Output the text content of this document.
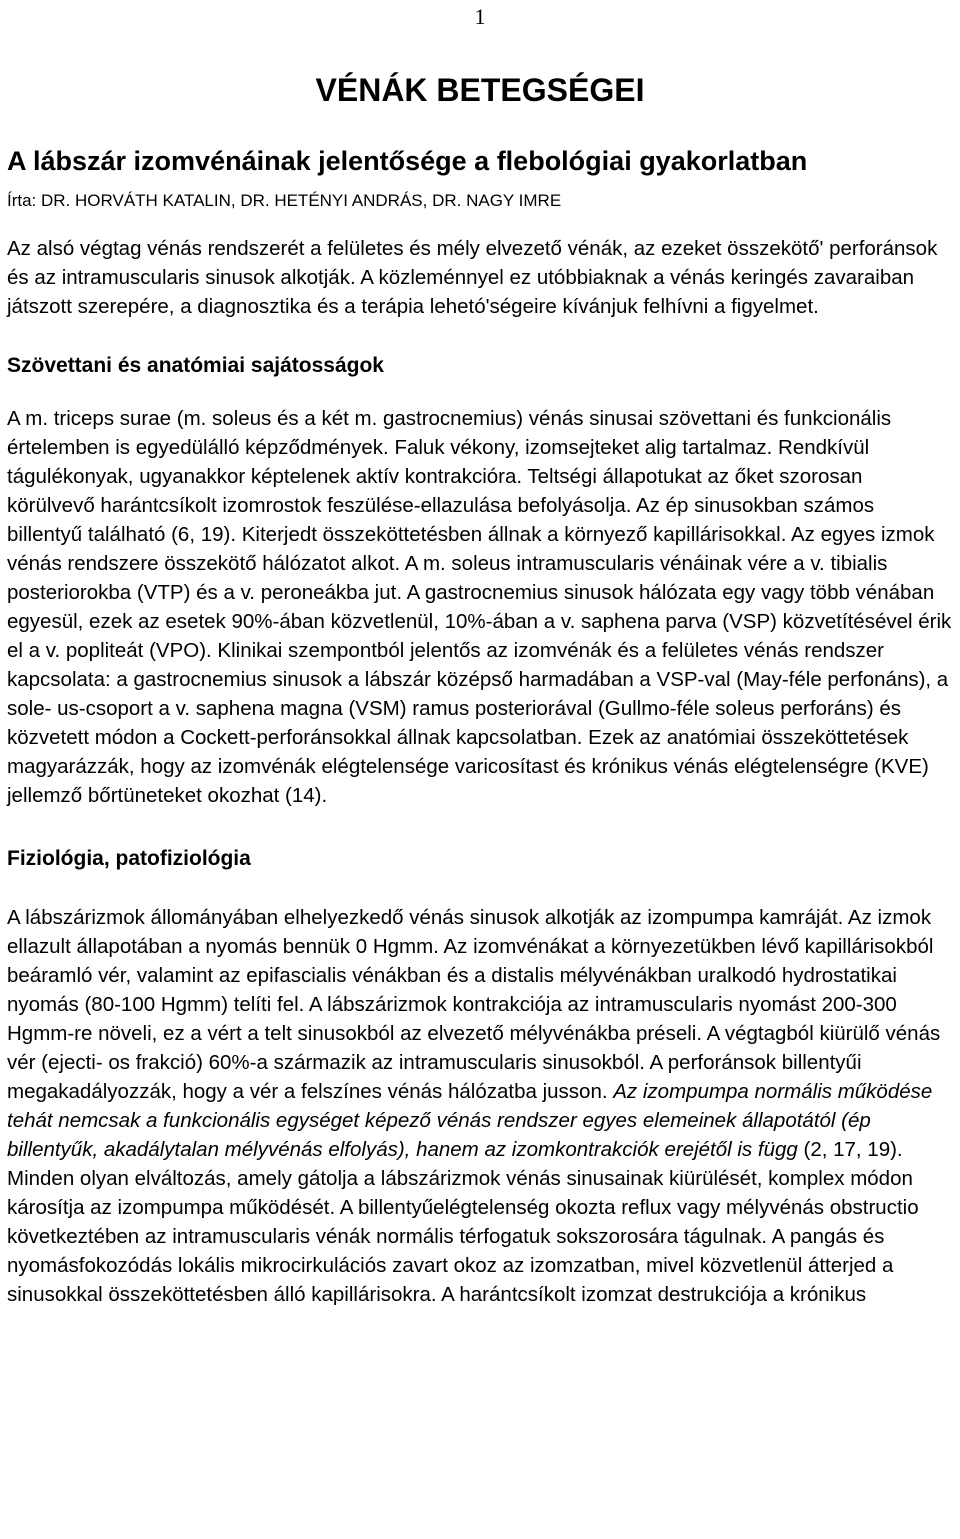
1
VÉNÁK BETEGSÉGEI
A lábszár izomvénáinak jelentősége a flebológiai gyakorlatban
Írta: DR. HORVÁTH KATALIN, DR. HETÉNYI ANDRÁS, DR. NAGY IMRE

Az alsó végtag vénás rendszerét a felületes és mély elvezető vénák, az ezeket összekötő' perforánsok és az intramuscularis sinusok alkotják. A közleménnyel ez utóbbiaknak a vénás keringés zavaraiban játszott szerepére, a diagnosztika és a terápia lehetó'ségeire kívánjuk felhívni a figyelmet.

Szövettani és anatómiai sajátosságok

A m. triceps surae (m. soleus és a két m. gastrocnemius) vénás sinusai szövettani és funkcionális értelemben is egyedülálló képződmények. Faluk vékony, izomsejteket alig tartalmaz. Rendkívül tágulékonyak, ugyanakkor képtelenek aktív kontrakcióra. Teltségi állapotukat az őket szorosan körülvevő harántcsíkolt izomrostok feszülése-ellazulása befolyásolja. Az ép sinusokban számos billentyű található (6, 19). Kiterjedt összeköttetésben állnak a környező kapillárisokkal. Az egyes izmok vénás rendszere összekötő hálózatot alkot. A m. soleus intramuscularis vénáinak vére a v. tibialis posteriorokba (VTP) és a v. peroneákba jut. A gastrocnemius sinusok hálózata egy vagy több vénában egyesül, ezek az esetek 90%-ában közvetlenül, 10%-ában a v. saphena parva (VSP) közvetítésével érik el a v. popliteát (VPO). Klinikai szempontból jelentős az izomvénák és a felületes vénás rendszer kapcsolata: a gastrocnemius sinusok a lábszár középső harmadában a VSP-val (May-féle perfonáns), a sole- us-csoport a v. saphena magna (VSM) ramus posteriorával (Gullmo-féle soleus perforáns) és közvetett módon a Cockett-perforánsokkal állnak kapcsolatban. Ezek az anatómiai összeköttetések magyarázzák, hogy az izomvénák elégtelensége varicosítast és krónikus vénás elégtelenségre (KVE) jellemző bőrtüneteket okozhat (14).

Fiziológia, patofiziológia

A lábszárizmok állományában elhelyezkedő vénás sinusok alkotják az izompumpa kamráját. Az izmok ellazult állapotában a nyomás bennük 0 Hgmm. Az izomvénákat a környezetükben lévő kapillárisokból beáramló vér, valamint az epifascialis vénákban és a distalis mélyvénákban uralkodó hydrostatikai nyomás (80-100 Hgmm) telíti fel. A lábszárizmok kontrakciója az intramuscularis nyomást 200-300 Hgmm-re növeli, ez a vért a telt sinusokból az elvezető mélyvénákba préseli. A végtagból kiürülő vénás vér (ejecti- os frakció) 60%-a származik az intramuscularis sinusokból. A perforánsok billentyűi megakadályozzák, hogy a vér a felszínes vénás hálózatba jusson. Az izompumpa normális működése tehát nemcsak a funkcionális egységet képező vénás rendszer egyes elemeinek állapotától (ép billentyűk, akadálytalan mélyvénás elfolyás), hanem az izomkontrakciók erejétől is függ (2, 17, 19). Minden olyan elváltozás, amely gátolja a lábszárizmok vénás sinusainak kiürülését, komplex módon károsítja az izompumpa működését. A billentyűelégtelenség okozta reflux vagy mélyvénás obstructio következtében az intramuscularis vénák normális térfogatuk sokszorosára tágulnak. A pangás és nyomásfokozódás lokális mikrocirkulációs zavart okoz az izomzatban, mivel közvetlenül átterjed a sinusokkal összeköttetésben álló kapillárisokra. A harántcsíkolt izomzat destrukciója a krónikus
